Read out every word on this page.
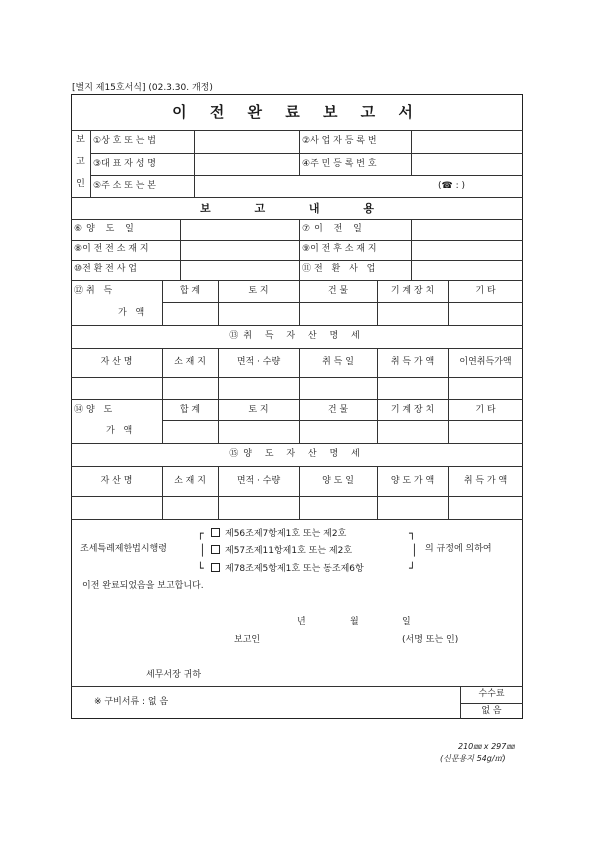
[별지 제15호서식] (02.3.30. 개정)
이 전 완 료 보 고 서
보
고
인
①상 호 또 는 법	②사 업 자 등 록 번
③대 표 자 성 명	④주 민 등 록 번 호
⑤주 소 또 는 본	(☎ : )
보 고 내 용
⑥양 도 일	⑦이 전 일
⑧이 전 전 소 재 지	⑨이 전 후 소 재 지
⑩전 환 전 사 업	⑪전 환 사 업
⑫취 득
가 액
합 계	토 지	건 물	기 계 장 치	기 타
⑬취 득 자 산 명 세
자 산 명	소 재 지	면적 · 수량	취 득 일	취 득 가 액	이연취득가액
⑭양 도
가 액
합 계	토 지	건 물	기 계 장 치	기 타
⑮양 도 자 산 명 세
자 산 명	소 재 지	면적 · 수량	양 도 일	양 도 가 액	취 득 가 액
조세특례제한법시행령
┌
│
└
┐
│
┘
제56조제7항제1호 또는 제2호
제57조제11항제1호 또는 제2호
제78조제5항제1호 또는 동조제6항
의 규정에 의하여
이전 완료되었음을 보고합니다.
년	월	일
보고인	(서명 또는 인)
세무서장 귀하
※ 구비서류 : 없 음
수수료
없 음
210㎜ x 297㎜
(신문용지 54g/㎡)
